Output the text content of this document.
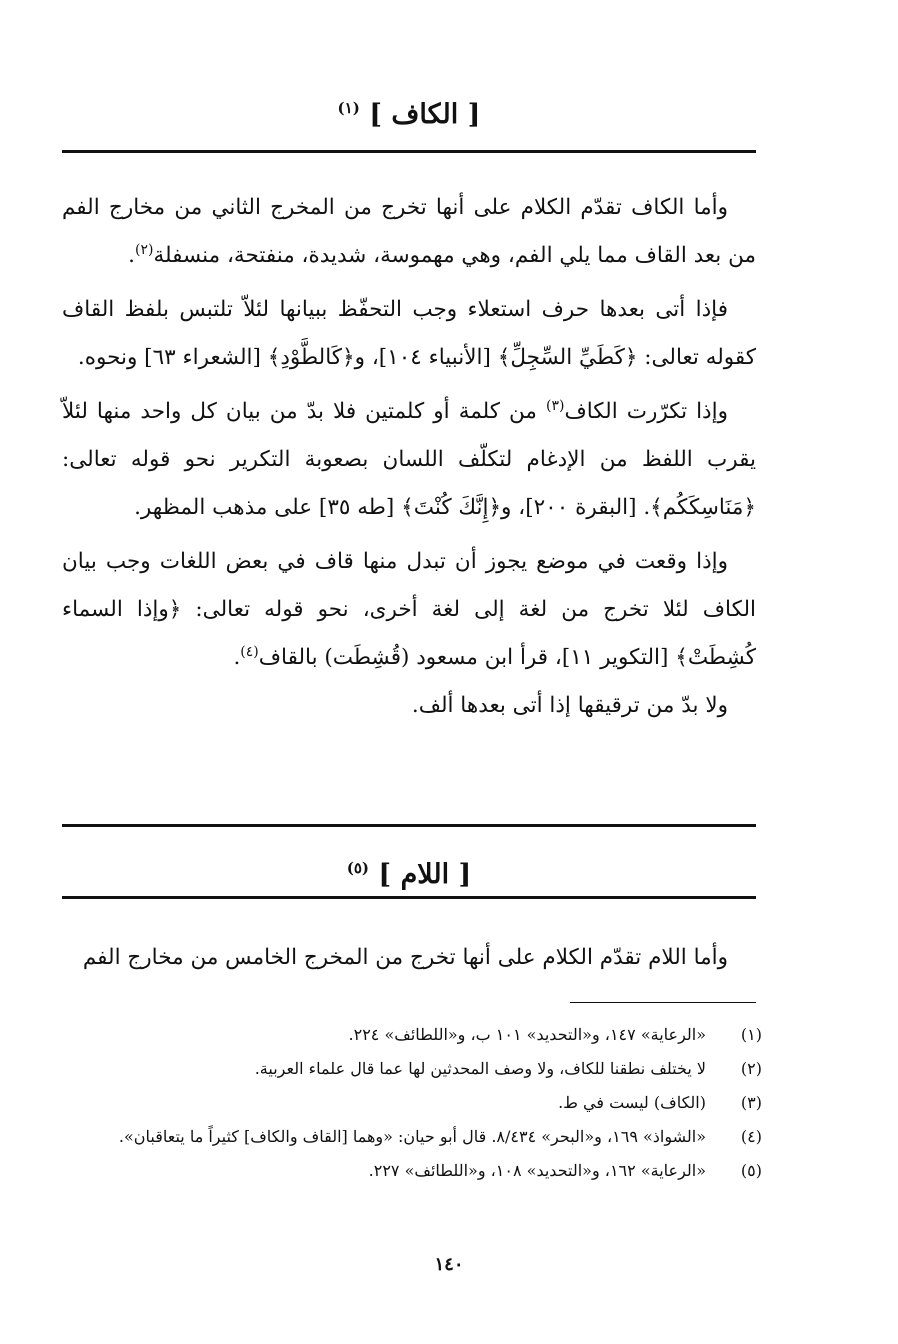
[ الكاف ] $^{(١)}$

وأما الكاف تقدّم الكلام على أنها تخرج من المخرج الثاني من مخارج الفم من بعد القاف مما يلي الفم، وهي مهموسة، شديدة، منفتحة، منسفلة$^{(٢)}$.

فإذا أتى بعدها حرف استعلاء وجب التحفّظ ببيانها لئلاّ تلتبس بلفظ القاف كقوله تعالى: ﴿كَطَيِّ السِّجِلِّ﴾ [الأنبياء ١٠٤]، و﴿كَالطَّوْدِ﴾ [الشعراء ٦٣] ونحوه.

وإذا تكرّرت الكاف$^{(٣)}$ من كلمة أو كلمتين فلا بدّ من بيان كل واحد منها لئلاّ يقرب اللفظ من الإدغام لتكلّف اللسان بصعوبة التكرير نحو قوله تعالى: ﴿مَنَاسِكَكُم﴾. [البقرة ٢٠٠]، و﴿إِنَّكَ كُنْتَ﴾ [طه ٣٥] على مذهب المظهر.

وإذا وقعت في موضع يجوز أن تبدل منها قاف في بعض اللغات وجب بيان الكاف لئلا تخرج من لغة إلى لغة أخرى، نحو قوله تعالى: ﴿وإذا السماء كُشِطَتْ﴾ [التكوير ١١]، قرأ ابن مسعود (قُشِطَت) بالقاف$^{(٤)}$.

ولا بدّ من ترقيقها إذا أتى بعدها ألف.

[ اللام ] $^{(٥)}$

وأما اللام تقدّم الكلام على أنها تخرج من المخرج الخامس من مخارج الفم

(١)
«الرعاية» ١٤٧، و«التحديد» ١٠١ ب، و«اللطائف» ٢٢٤.
(٢)
لا يختلف نطقنا للكاف، ولا وصف المحدثين لها عما قال علماء العربية.
(٣)
(الكاف) ليست في ط.
(٤)
«الشواذ» ١٦٩، و«البحر» ٨/٤٣٤. قال أبو حيان: «وهما [القاف والكاف] كثيراً ما يتعاقبان».
(٥)
«الرعاية» ١٦٢، و«التحديد» ١٠٨، و«اللطائف» ٢٢٧.
١٤٠
